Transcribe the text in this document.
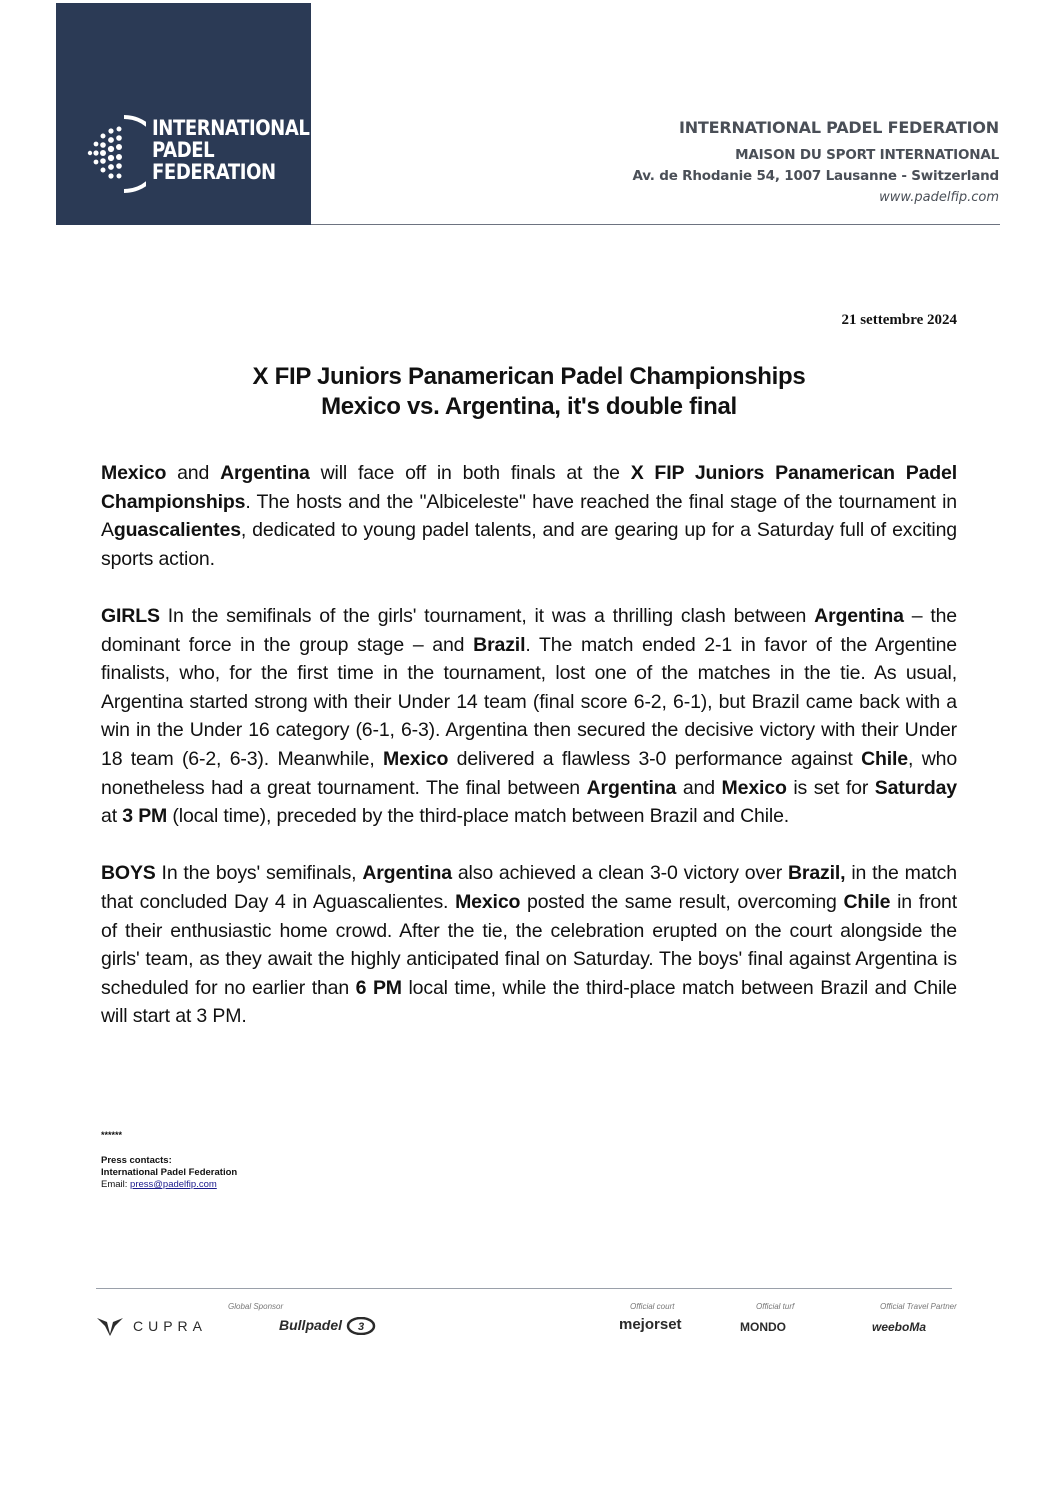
INTERNATIONAL
PADEL
FEDERATION
INTERNATIONAL PADEL FEDERATION
MAISON DU SPORT INTERNATIONAL
Av. de Rhodanie 54, 1007 Lausanne - Switzerland
www.padelfip.com
21 settembre 2024
X FIP Juniors Panamerican Padel Championships
Mexico vs. Argentina, it's double final

Mexico and Argentina will face off in both finals at the X FIP Juniors Panamerican Padel Championships. The hosts and the "Albiceleste" have reached the final stage of the tournament in Aguascalientes, dedicated to young padel talents, and are gearing up for a Saturday full of exciting sports action.

GIRLS In the semifinals of the girls' tournament, it was a thrilling clash between Argentina – the dominant force in the group stage – and Brazil. The match ended 2-1 in favor of the Argentine finalists, who, for the first time in the tournament, lost one of the matches in the tie. As usual, Argentina started strong with their Under 14 team (final score 6-2, 6-1), but Brazil came back with a win in the Under 16 category (6-1, 6-3). Argentina then secured the decisive victory with their Under 18 team (6-2, 6-3). Meanwhile, Mexico delivered a flawless 3-0 performance against Chile, who nonetheless had a great tournament. The final between Argentina and Mexico is set for Saturday at 3 PM (local time), preceded by the third-place match between Brazil and Chile.

BOYS In the boys' semifinals, Argentina also achieved a clean 3-0 victory over Brazil, in the match that concluded Day 4 in Aguascalientes. Mexico posted the same result, overcoming Chile in front of their enthusiastic home crowd. After the tie, the celebration erupted on the court alongside the girls' team, as they await the highly anticipated final on Saturday. The boys' final against Argentina is scheduled for no earlier than 6 PM local time, while the third-place match between Brazil and Chile will start at 3 PM.

******
Press contacts:
International Padel Federation
Email: press@padelfip.com
Global Sponsor	Official court	Official turf	Official Travel Partner
CUPRA	Bullpadel 3	mejorset	MONDO	weeboMa
